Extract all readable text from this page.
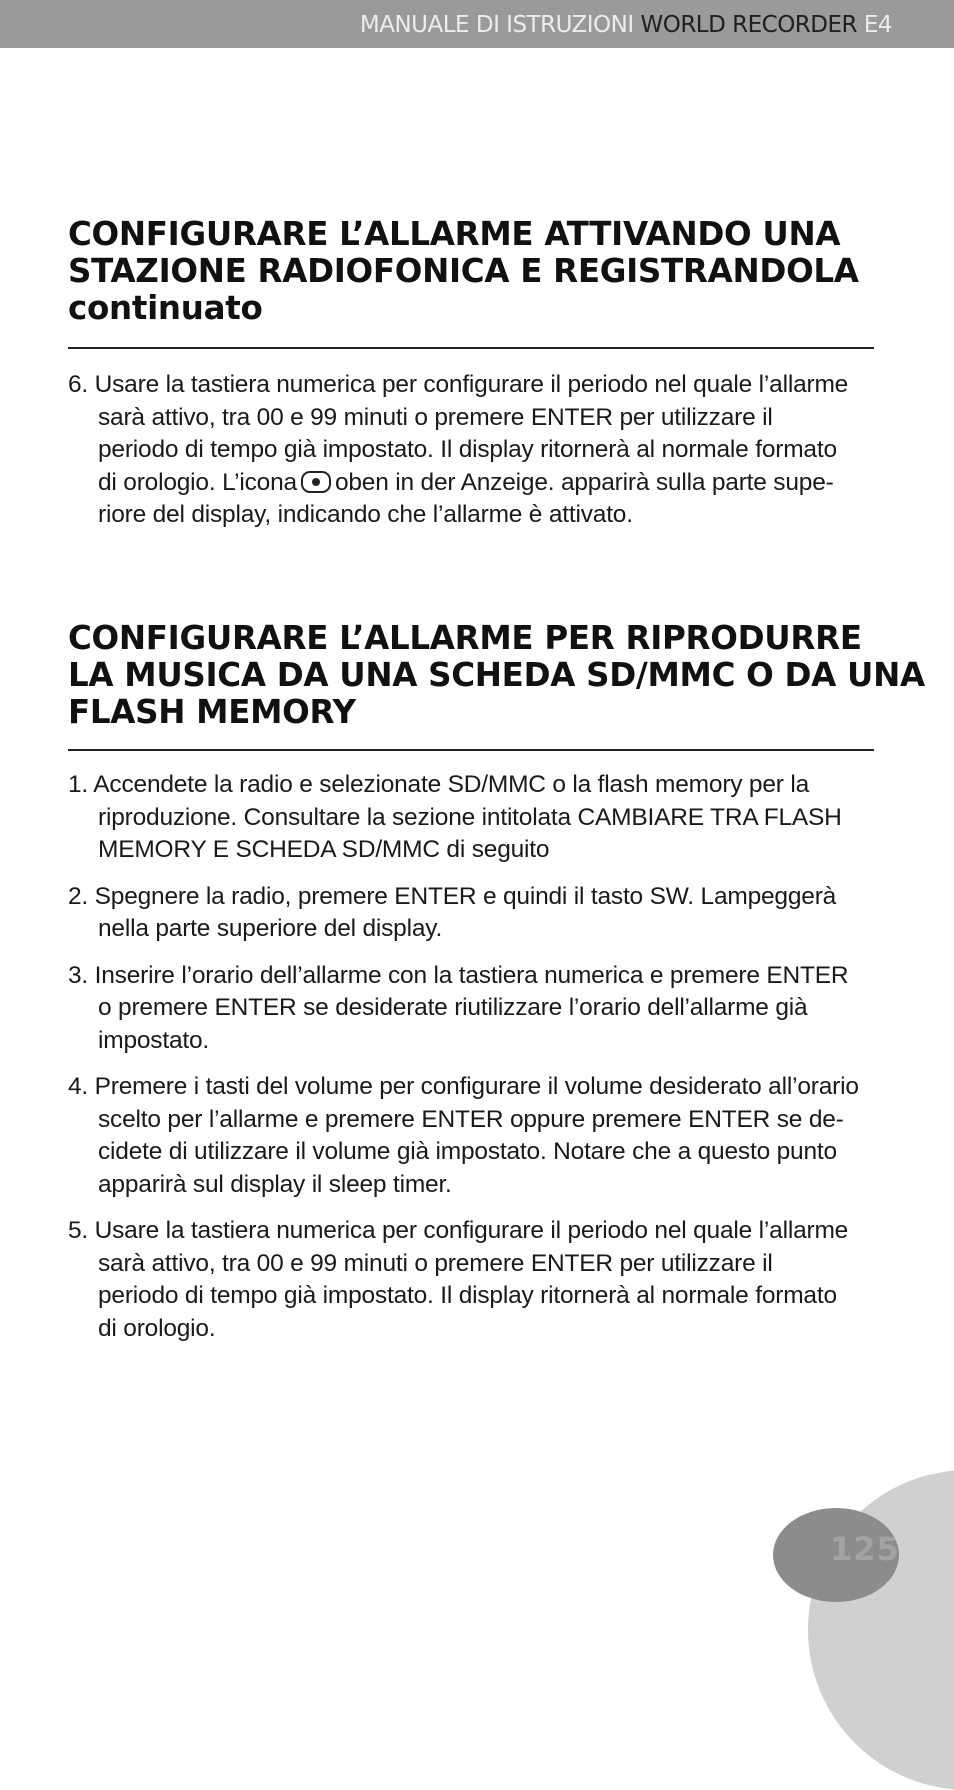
MANUALE DI ISTRUZIONI WORLD RECORDER E4
CONFIGURARE L’ALLARME ATTIVANDO UNA
STAZIONE RADIOFONICA E REGISTRANDOLA
continuato
6. Usare la tastiera numerica per configurare il periodo nel quale l’allarme
sarà attivo, tra 00 e 99 minuti o premere ENTER per utilizzare il
periodo di tempo già impostato. Il display ritornerà al normale formato
di orologio. L’icona oben in der Anzeige. apparirà sulla parte supe-
riore del display, indicando che l’allarme è attivato.
CONFIGURARE L’ALLARME PER RIPRODURRE
LA MUSICA DA UNA SCHEDA SD/MMC O DA UNA
FLASH MEMORY
1. Accendete la radio e selezionate SD/MMC o la flash memory per la
riproduzione. Consultare la sezione intitolata CAMBIARE TRA FLASH
MEMORY E SCHEDA SD/MMC di seguito
2. Spegnere la radio, premere ENTER e quindi il tasto SW. Lampeggerà
nella parte superiore del display.
3. Inserire l’orario dell’allarme con la tastiera numerica e premere ENTER
o premere ENTER se desiderate riutilizzare l’orario dell’allarme già
impostato.
4. Premere i tasti del volume per configurare il volume desiderato all’orario
scelto per l’allarme e premere ENTER oppure premere ENTER se de-
cidete di utilizzare il volume già impostato. Notare che a questo punto
apparirà sul display il sleep timer.
5. Usare la tastiera numerica per configurare il periodo nel quale l’allarme
sarà attivo, tra 00 e 99 minuti o premere ENTER per utilizzare il
periodo di tempo già impostato. Il display ritornerà al normale formato
di orologio.
125
